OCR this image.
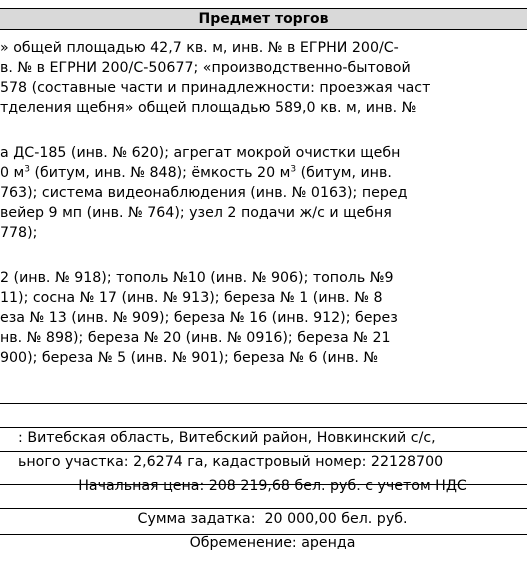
Предмет торгов
» общей площадью 42,7 кв. м, инв. № в ЕГРНИ 200/С-
в. № в ЕГРНИ 200/С-50677; «производственно-бытовой
578 (составные части и принадлежности: проезжая част
тделения щебня» общей площадью 589,0 кв. м, инв. №
а ДС-185 (инв. № 620); агрегат мокрой очистки щебн
0 $м^3$ (битум, инв. № 848); ёмкость 20 $м^3$ (битум, инв.
763); система видеонаблюдения (инв. № 0163); перед
вейер 9 мп (инв. № 764); узел 2 подачи ж/с и щебня
778);
2 (инв. № 918); тополь №10 (инв. № 906); тополь №9
11); сосна № 17 (инв. № 913); береза № 1 (инв. № 8
еза № 13 (инв. № 909); береза № 16 (инв. 912); берез
нв. № 898); береза № 20 (инв. № 0916); береза № 21
900); береза № 5 (инв. № 901); береза № 6 (инв. №

: Витебская область, Витебский район, Новкинский с/с,

ьного участка: 2,6274 га, кадастровый номер: 22128700

Начальная цена: 208 219,68 бел. руб. с учетом НДС

Сумма задатка:  20 000,00 бел. руб.

Обременение: аренда
